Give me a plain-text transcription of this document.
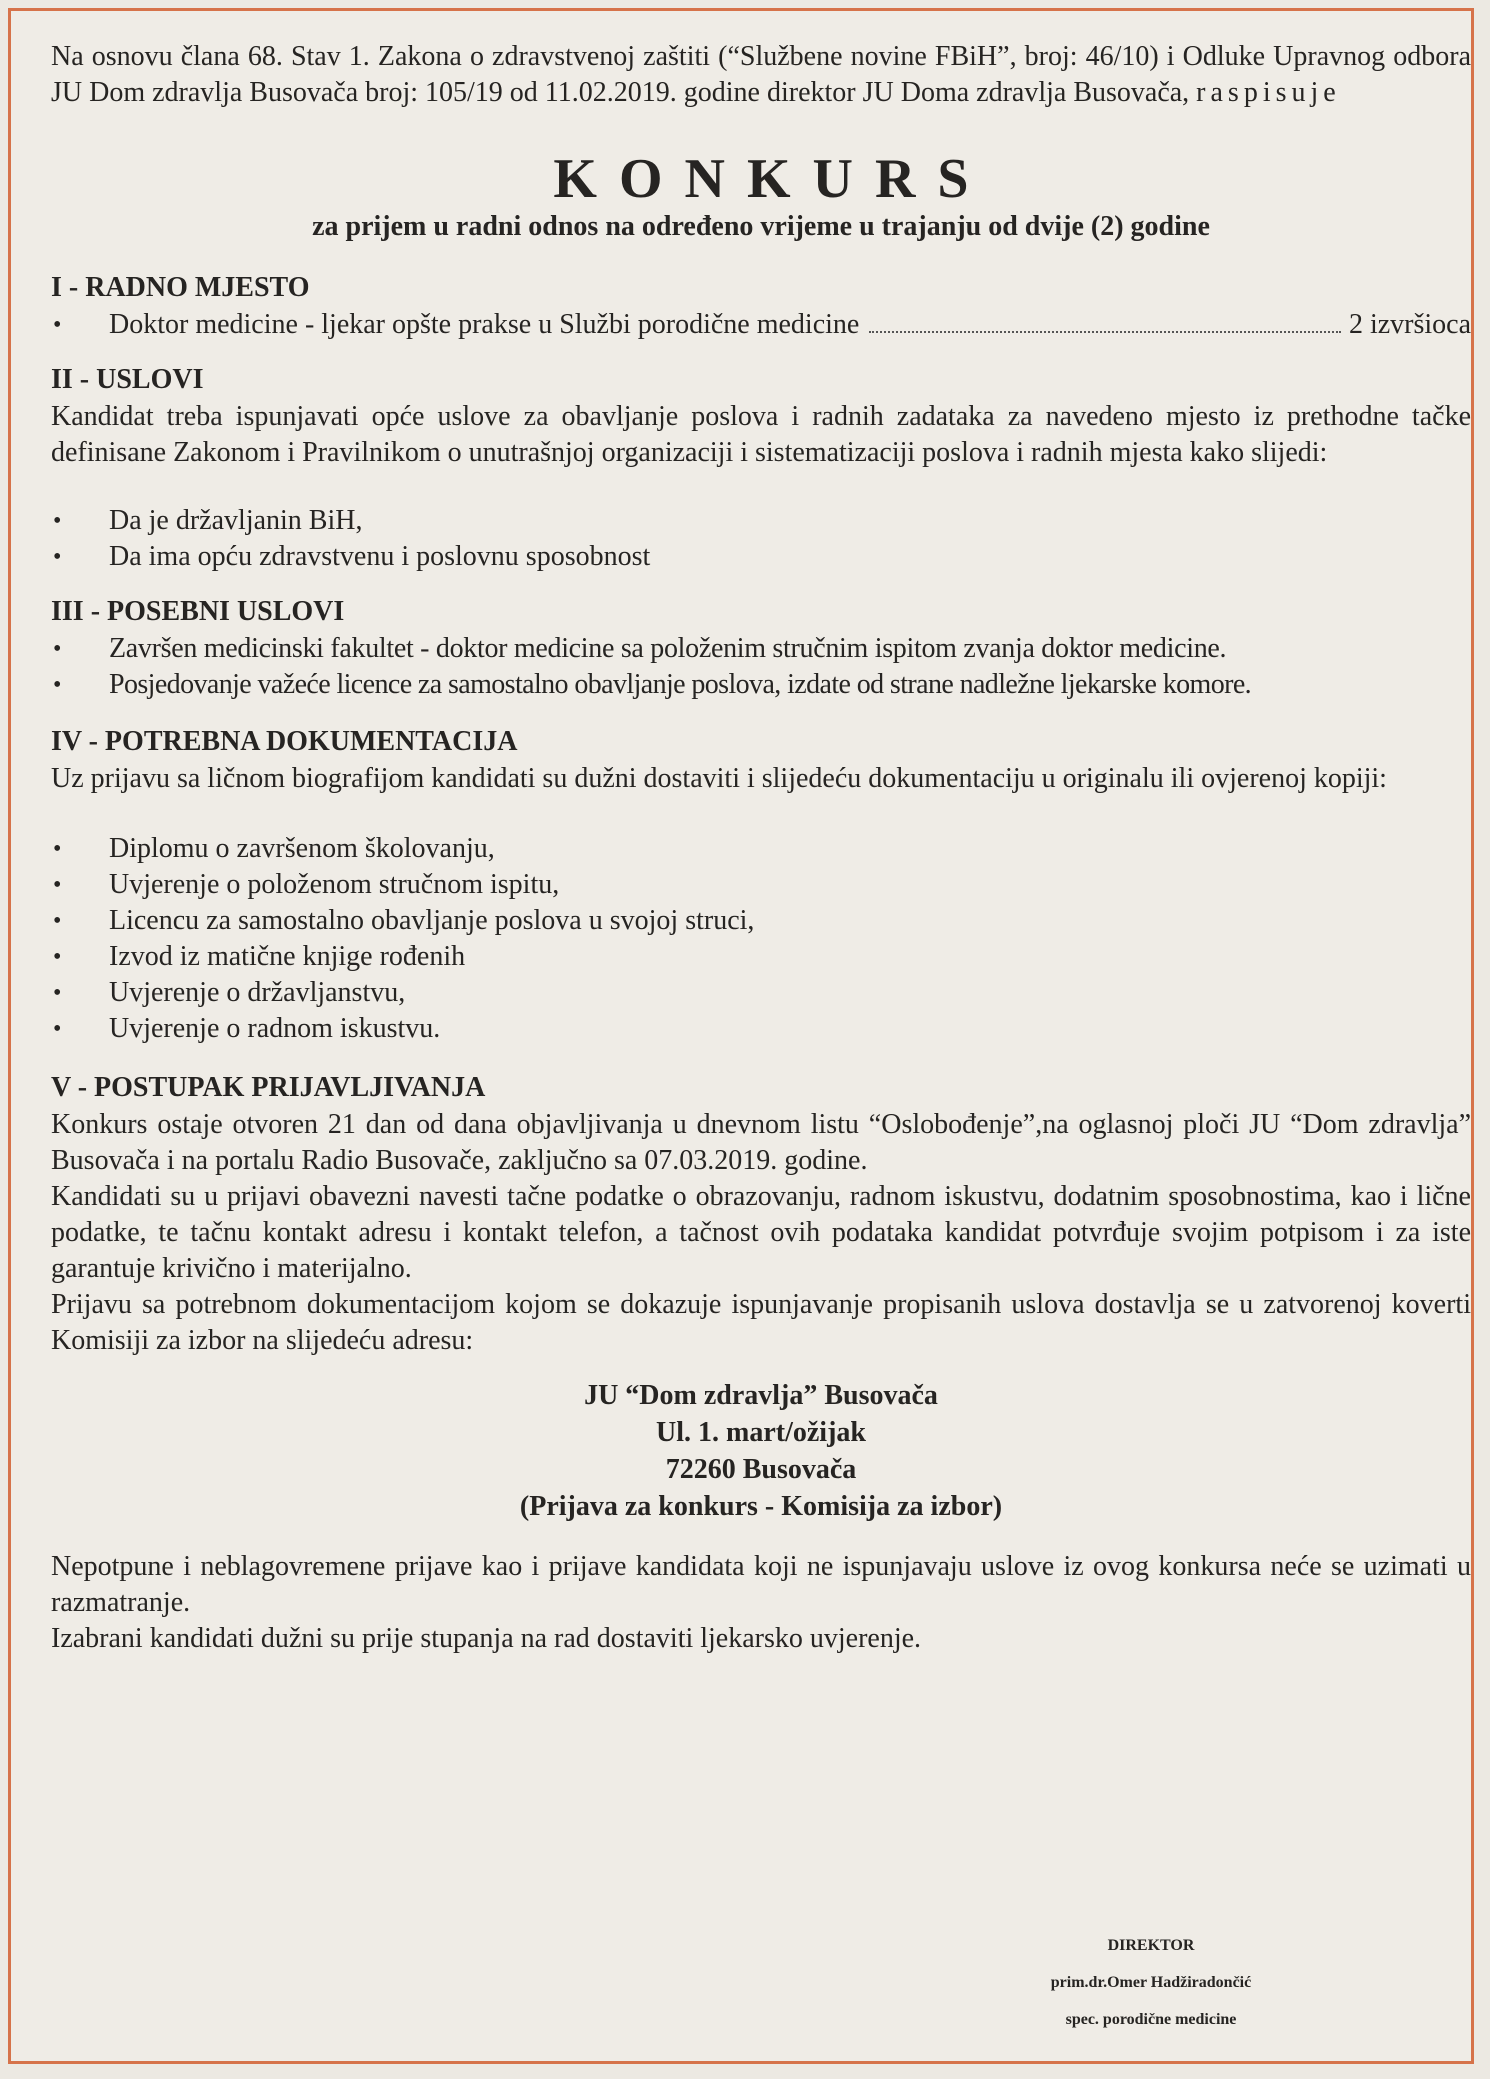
Na osnovu člana 68. Stav 1. Zakona o zdravstvenoj zaštiti (“Službene novine FBiH”, broj: 46/10) i Odluke Upravnog odbora JU Dom zdravlja Busovača broj: 105/19 od 11.02.2019. godine direktor JU Doma zdravlja Busovača, raspisuje

KONKURS
za prijem u radni odnos na određeno vrijeme u trajanju od dvije (2) godine
I - RADNO MJESTO
• Doktor medicine - ljekar opšte prakse u Službi porodične medicine	2 izvršioca
II - USLOVI

Kandidat treba ispunjavati opće uslove za obavljanje poslova i radnih zadataka za navedeno mjesto iz prethodne tačke definisane Zakonom i Pravilnikom o unutrašnjoj organizaciji i sistematizaciji poslova i radnih mjesta kako slijedi:

• Da je državljanin BiH,
• Da ima opću zdravstvenu i poslovnu sposobnost
III - POSEBNI USLOVI
• Završen medicinski fakultet - doktor medicine sa položenim stručnim ispitom zvanja doktor medicine.
• Posjedovanje važeće licence za samostalno obavljanje poslova, izdate od strane nadležne ljekarske komore.
IV - POTREBNA DOKUMENTACIJA

Uz prijavu sa ličnom biografijom kandidati su dužni dostaviti i slijedeću dokumentaciju u originalu ili ovjerenoj kopiji:

• Diplomu o završenom školovanju,
• Uvjerenje o položenom stručnom ispitu,
• Licencu za samostalno obavljanje poslova u svojoj struci,
• Izvod iz matične knjige rođenih
• Uvjerenje o državljanstvu,
• Uvjerenje o radnom iskustvu.
V - POSTUPAK PRIJAVLJIVANJA

Konkurs ostaje otvoren 21 dan od dana objavljivanja u dnevnom listu “Oslobođenje”,na oglasnoj ploči JU “Dom zdravlja” Busovača i na portalu Radio Busovače, zaključno sa 07.03.2019. godine.

Kandidati su u prijavi obavezni navesti tačne podatke o obrazovanju, radnom iskustvu, dodatnim sposobnostima, kao i lične podatke, te tačnu kontakt adresu i kontakt telefon, a tačnost ovih podataka kandidat potvrđuje svojim potpisom i za iste garantuje krivično i materijalno.

Prijavu sa potrebnom dokumentacijom kojom se dokazuje ispunjavanje propisanih uslova dostavlja se u zatvorenoj koverti Komisiji za izbor na slijedeću adresu:

JU “Dom zdravlja” Busovača
Ul. 1. mart/ožijak
72260 Busovača
(Prijava za konkurs - Komisija za izbor)

Nepotpune i neblagovremene prijave kao i prijave kandidata koji ne ispunjavaju uslove iz ovog konkursa neće se uzimati u razmatranje.

Izabrani kandidati dužni su prije stupanja na rad dostaviti ljekarsko uvjerenje.

DIREKTOR
prim.dr.Omer Hadžiradončić
spec. porodične medicine
